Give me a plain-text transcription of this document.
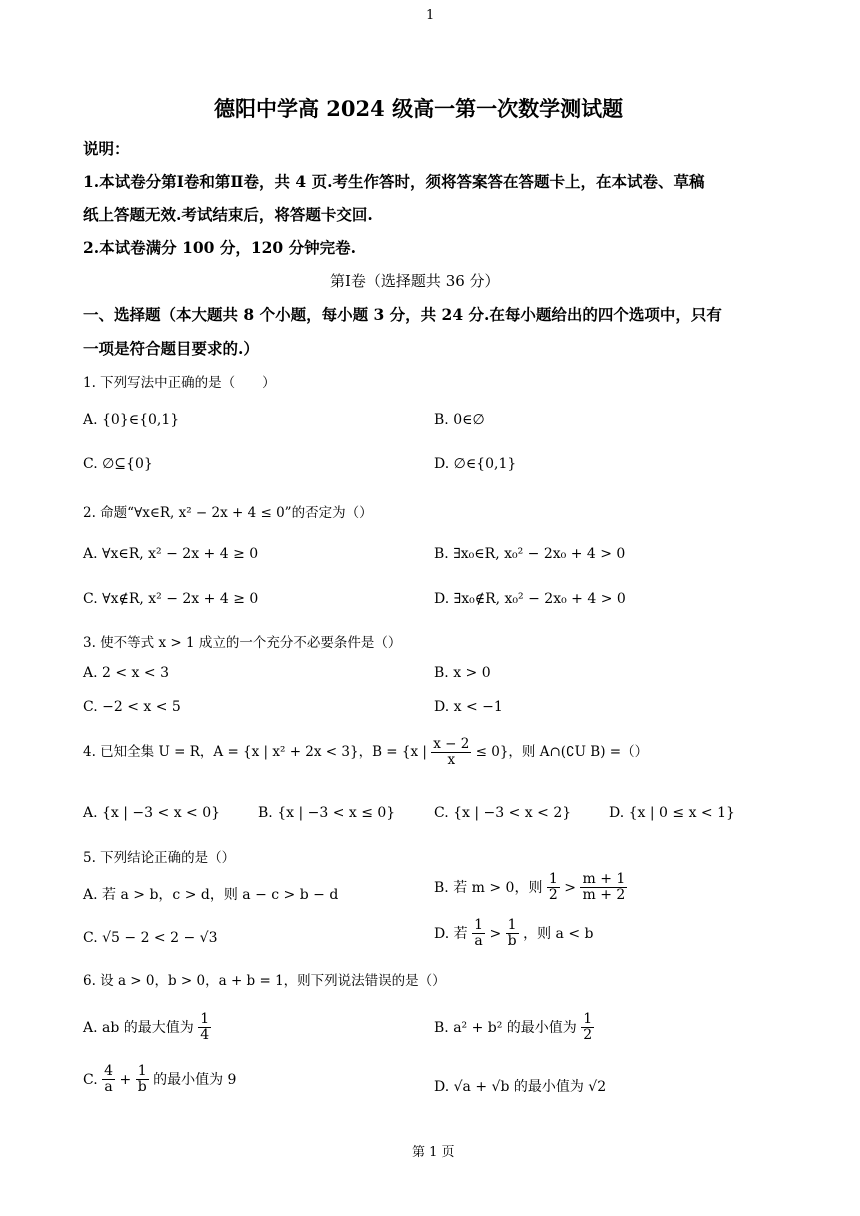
1
德阳中学高 2024 级高一第一次数学测试题
说明：
1.本试卷分第Ⅰ卷和第Ⅱ卷，共 4 页.考生作答时，须将答案答在答题卡上，在本试卷、草稿
纸上答题无效.考试结束后，将答题卡交回.
2.本试卷满分 100 分，120 分钟完卷.
第Ⅰ卷（选择题共 36 分）
一、选择题（本大题共 8 个小题，每小题 3 分，共 24 分.在每小题给出的四个选项中，只有
一项是符合题目要求的.）
1. 下列写法中正确的是（　　）
A. {0}∈{0,1}	B. 0∈∅
C. ∅⊆{0}	D. ∅∈{0,1}
2. 命题“∀x∈R, x² − 2x + 4 ≤ 0”的否定为（）
A. ∀x∈R, x² − 2x + 4 ≥ 0	B. ∃x₀∈R, x₀² − 2x₀ + 4 > 0
C. ∀x∉R, x² − 2x + 4 ≥ 0	D. ∃x₀∉R, x₀² − 2x₀ + 4 > 0
3. 使不等式 x > 1 成立的一个充分不必要条件是（）
A. 2 < x < 3	B. x > 0
C. −2 < x < 5	D. x < −1
4. 已知全集 U = R，A = {x | x² + 2x < 3}，B = {x | $\frac{x - 2}{x} \le 0$}，则 A∩(∁U B) =（）
A. {x | −3 < x < 0}	B. {x | −3 < x ≤ 0}	C. {x | −3 < x < 2}	D. {x | 0 ≤ x < 1}
5. 下列结论正确的是（）
A. 若 a > b，c > d，则 a − c > b − d	B. 若 m > 0，则 $\frac{1}{2} > \frac{m + 1}{m + 2}$
C. √5 − 2 < 2 − √3	D. 若 $\frac{1}{a} > \frac{1}{b}$ ，则 a < b
6. 设 a > 0，b > 0，a + b = 1，则下列说法错误的是（）
A. ab 的最大值为 $\frac{1}{4}$	B. a² + b² 的最小值为 $\frac{1}{2}$
C. $\frac{4}{a} + \frac{1}{b}$ 的最小值为 9	D. √a + √b 的最小值为 √2
第 1 页
